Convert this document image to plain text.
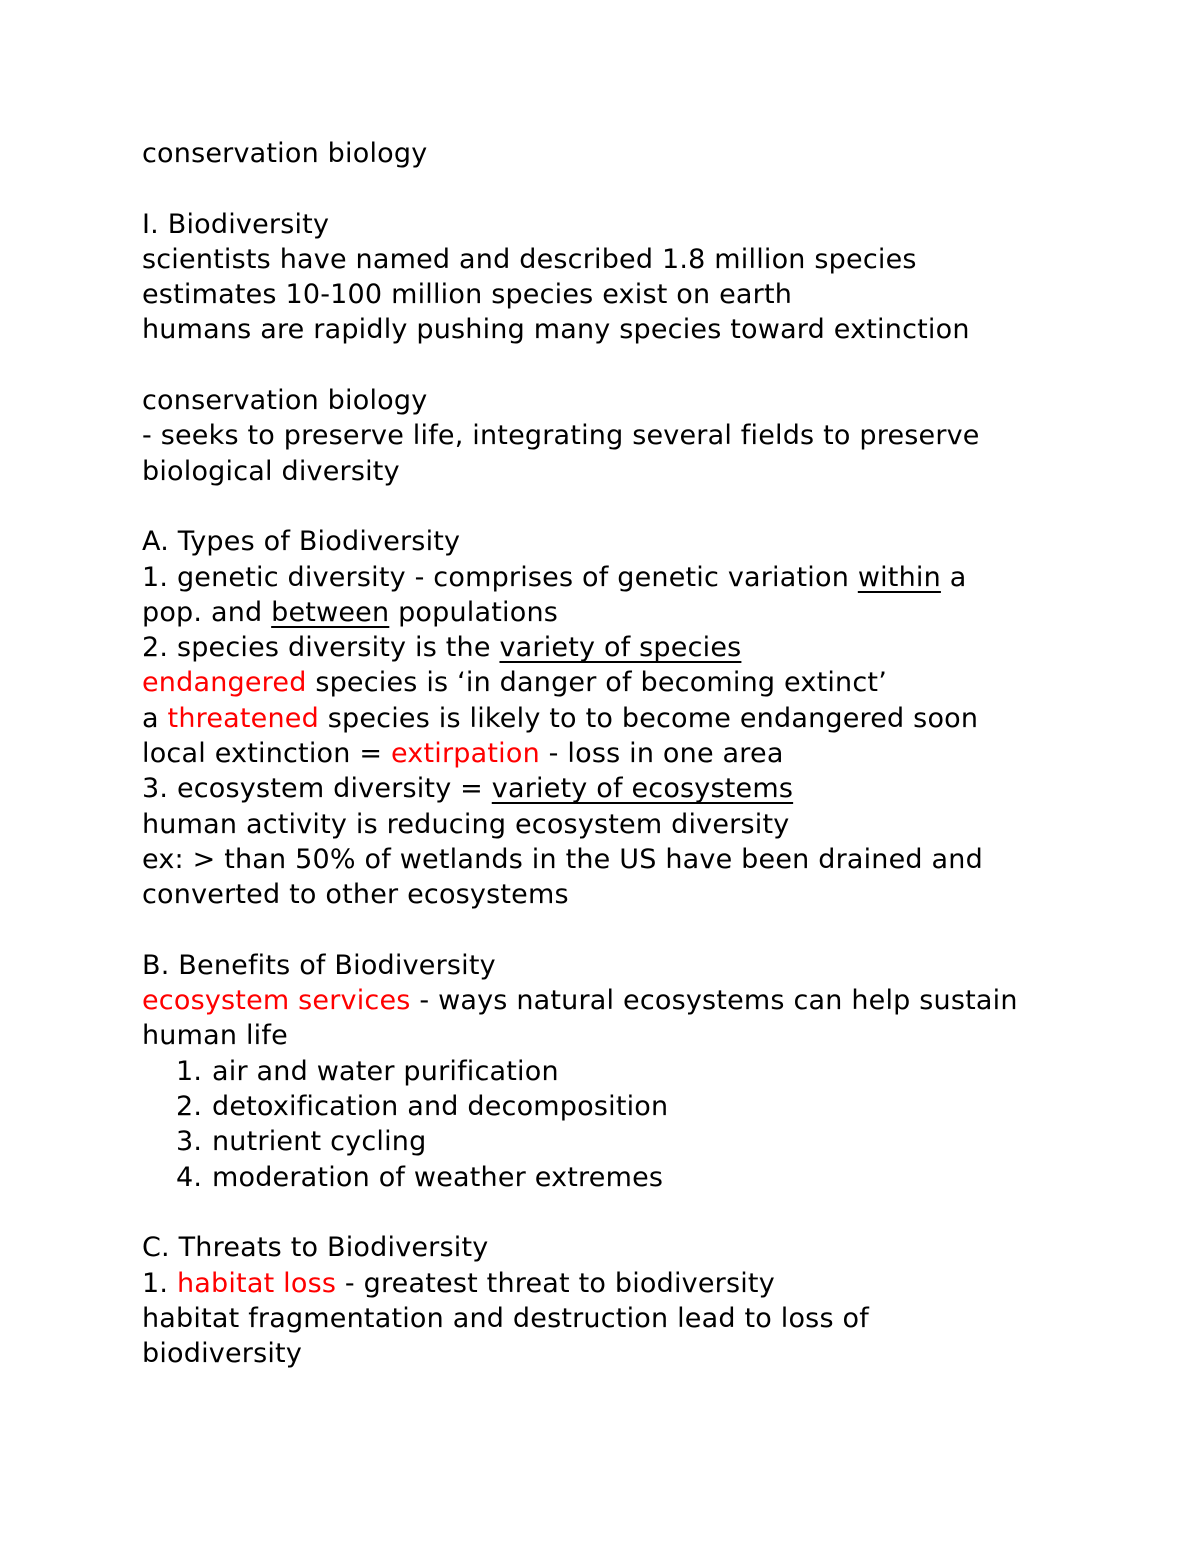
conservation biology
I. Biodiversity
scientists have named and described 1.8 million species
estimates 10-100 million species exist on earth
humans are rapidly pushing many species toward extinction
conservation biology
- seeks to preserve life, integrating several fields to preserve
biological diversity
A. Types of Biodiversity
1. genetic diversity - comprises of genetic variation within a
pop. and between populations
2. species diversity is the variety of species
endangered species is ‘in danger of becoming extinct’
a threatened species is likely to to become endangered soon
local extinction = extirpation - loss in one area
3. ecosystem diversity = variety of ecosystems
human activity is reducing ecosystem diversity
ex: > than 50% of wetlands in the US have been drained and
converted to other ecosystems
B. Benefits of Biodiversity
ecosystem services - ways natural ecosystems can help sustain
human life
1. air and water purification
2. detoxification and decomposition
3. nutrient cycling
4. moderation of weather extremes
C. Threats to Biodiversity
1. habitat loss - greatest threat to biodiversity
habitat fragmentation and destruction lead to loss of
biodiversity
